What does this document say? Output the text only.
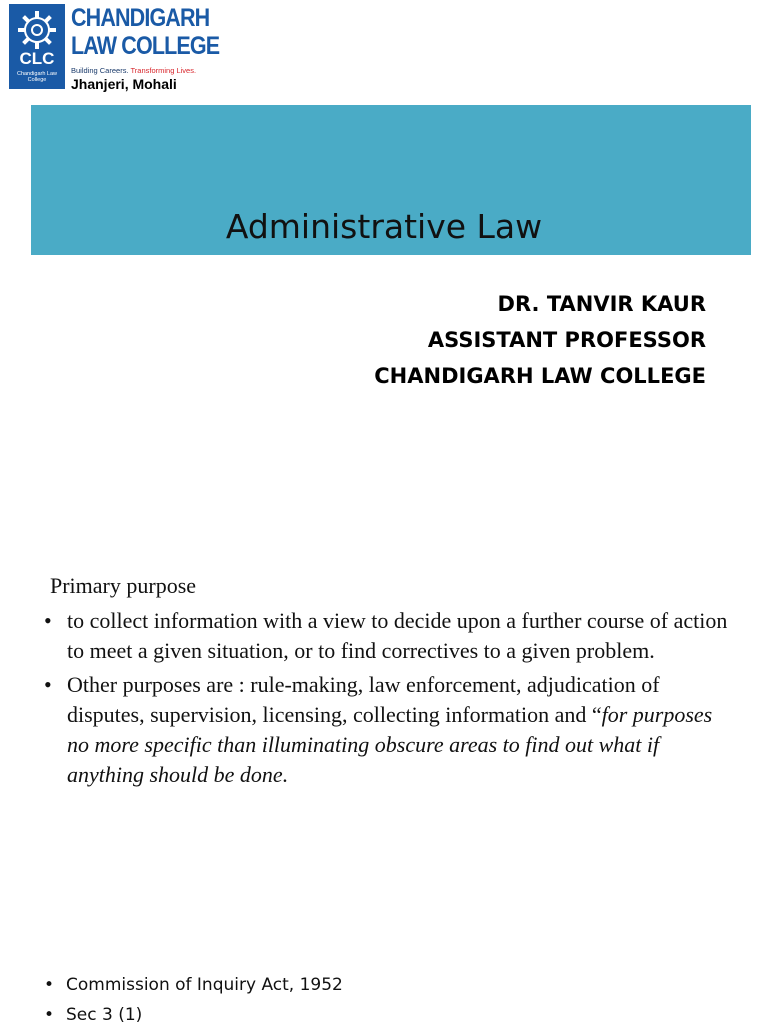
CLC
Chandigarh Law College
CHANDIGARH
LAW COLLEGE
Building Careers. Transforming Lives.
Jhanjeri, Mohali
Administrative Law
DR. TANVIR KAUR
ASSISTANT PROFESSOR
CHANDIGARH LAW COLLEGE
Primary purpose
• to collect information with a view to decide upon a further course of action to meet a given situation, or to find correctives to a given problem.
• Other purposes are : rule-making, law enforcement, adjudication of disputes, supervision, licensing, collecting information and “for purposes no more specific than illuminating obscure areas to find out what if anything should be done.
• Commission of Inquiry Act, 1952
• Sec 3 (1)
